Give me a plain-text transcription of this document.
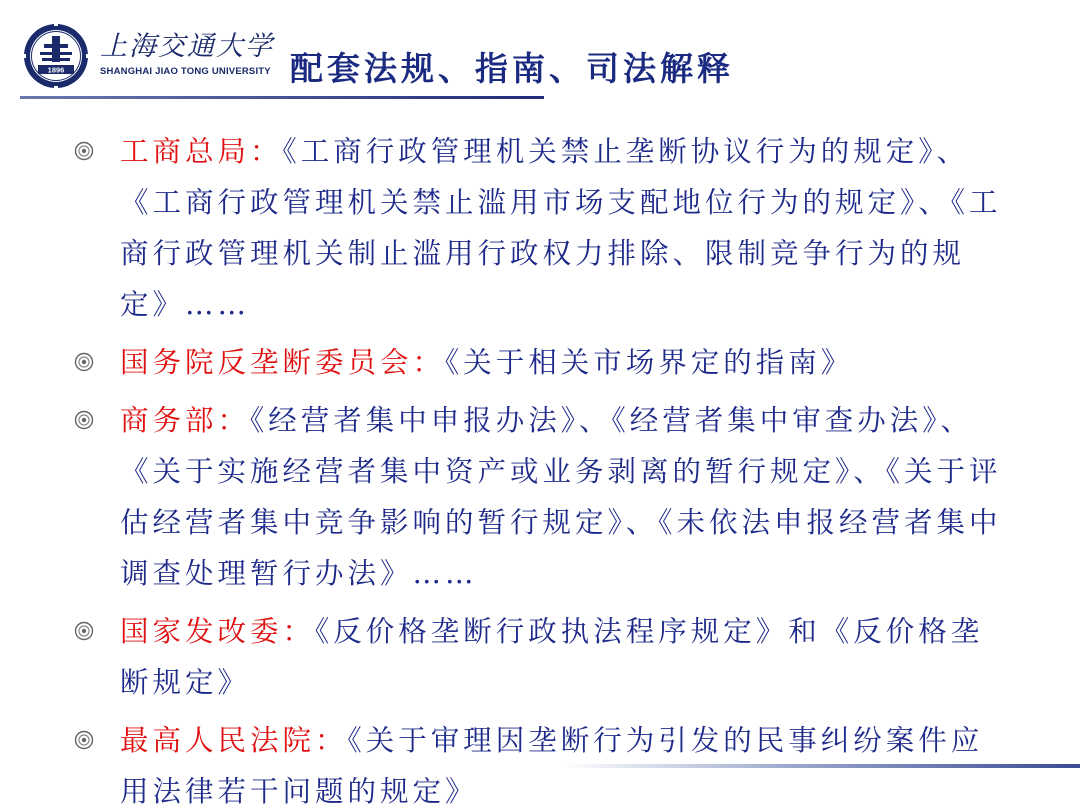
1896
上海交通大学
SHANGHAI JIAO TONG UNIVERSITY 配套法规、指南、司法解释
工商总局：《工商行政管理机关禁止垄断协议行为的规定》、《工商行政管理机关禁止滥用市场支配地位行为的规定》、《工商行政管理机关制止滥用行政权力排除、限制竞争行为的规定》……
国务院反垄断委员会：《关于相关市场界定的指南》
商务部：《经营者集中申报办法》、《经营者集中审查办法》、《关于实施经营者集中资产或业务剥离的暂行规定》、《关于评估经营者集中竞争影响的暂行规定》、《未依法申报经营者集中调查处理暂行办法》……
国家发改委：《反价格垄断行政执法程序规定》和《反价格垄断规定》
最高人民法院：《关于审理因垄断行为引发的民事纠纷案件应用法律若干问题的规定》
